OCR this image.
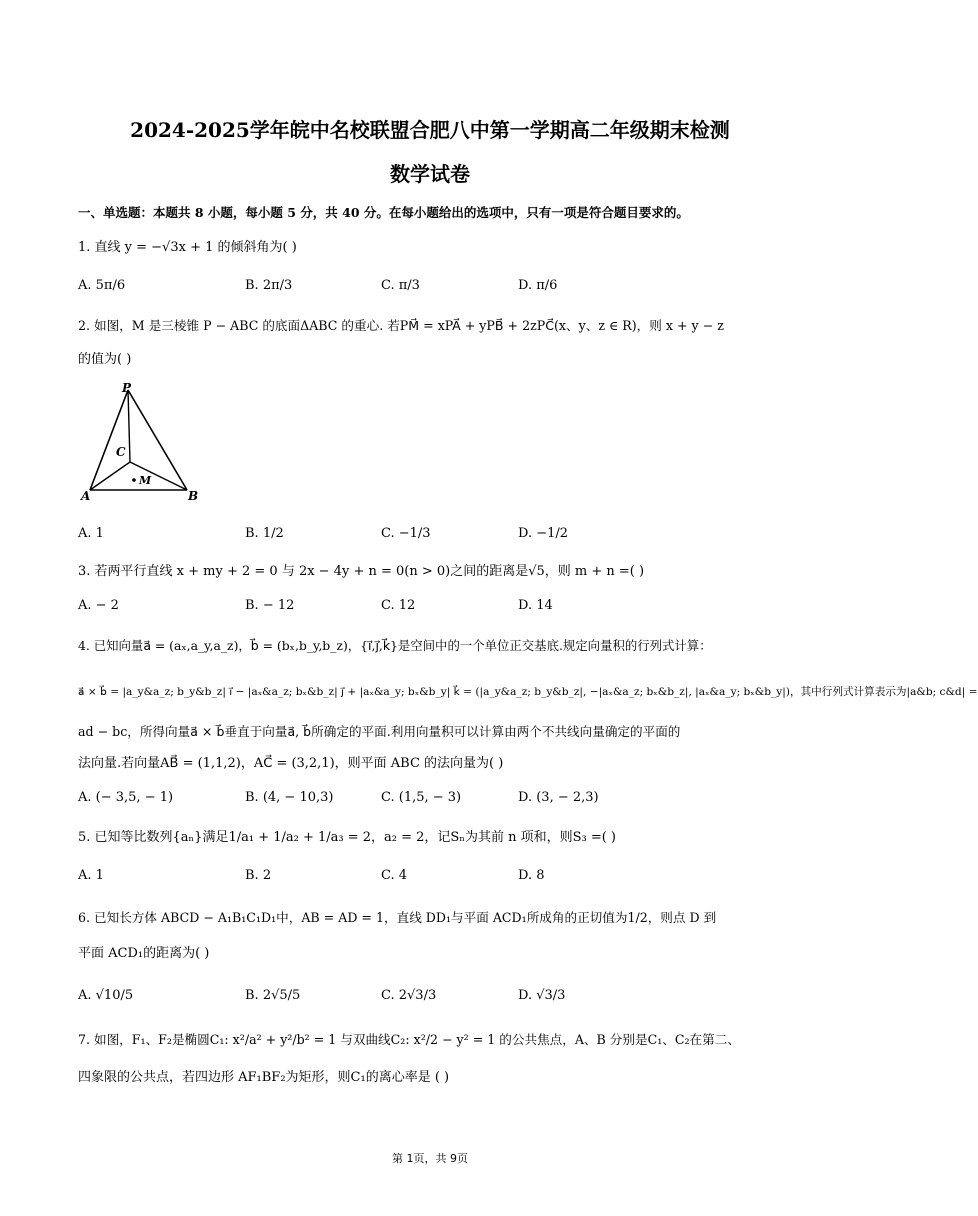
2024-2025学年皖中名校联盟合肥八中第一学期高二年级期末检测
数学试卷
一、单选题：本题共 8 小题，每小题 5 分，共 40 分。在每小题给出的选项中，只有一项是符合题目要求的。
1. 直线 y = −√3x + 1 的倾斜角为( )
A. 5π/6	B. 2π/3	C. π/3	D. π/6
2. 如图，M 是三棱锥 P − ABC 的底面ΔABC 的重心. 若PM⃗ = xPA⃗ + yPB⃗ + 2zPC⃗(x、y、z ∈ R)，则 x + y − z
的值为( )
P
C
M
A	B
A. 1	B. 1/2	C. −1/3	D. −1/2
3. 若两平行直线 x + my + 2 = 0 与 2x − 4y + n = 0(n > 0)之间的距离是√5，则 m + n =( )
A. − 2	B. − 12	C. 12	D. 14
4. 已知向量a⃗ = (aₓ,a_y,a_z)，b⃗ = (bₓ,b_y,b_z)，{i⃗,j⃗,k⃗}是空间中的一个单位正交基底.规定向量积的行列式计算：
a⃗ × b⃗ = |a_y&a_z; b_y&b_z| i⃗ − |aₓ&a_z; bₓ&b_z| j⃗ + |aₓ&a_y; bₓ&b_y| k⃗ = (|a_y&a_z; b_y&b_z|, −|aₓ&a_z; bₓ&b_z|, |aₓ&a_y; bₓ&b_y|)，其中行列式计算表示为|a&b; c&d| =
ad − bc，所得向量a⃗ × b⃗垂直于向量a⃗, b⃗所确定的平面.利用向量积可以计算由两个不共线向量确定的平面的
法向量.若向量AB⃗ = (1,1,2)，AC⃗ = (3,2,1)，则平面 ABC 的法向量为( )
A. (− 3,5, − 1)	B. (4, − 10,3)	C. (1,5, − 3)	D. (3, − 2,3)
5. 已知等比数列{aₙ}满足1/a₁ + 1/a₂ + 1/a₃ = 2，a₂ = 2，记Sₙ为其前 n 项和，则S₃ =( )
A. 1	B. 2	C. 4	D. 8
6. 已知长方体 ABCD − A₁B₁C₁D₁中，AB = AD = 1，直线 DD₁与平面 ACD₁所成角的正切值为1/2，则点 D 到
平面 ACD₁的距离为( )
A. √10/5	B. 2√5/5	C. 2√3/3	D. √3/3
7. 如图，F₁、F₂是椭圆C₁: x²/a² + y²/b² = 1 与双曲线C₂: x²/2 − y² = 1 的公共焦点，A、B 分别是C₁、C₂在第二、
四象限的公共点，若四边形 AF₁BF₂为矩形，则C₁的离心率是 ( )
第 1页，共 9页
